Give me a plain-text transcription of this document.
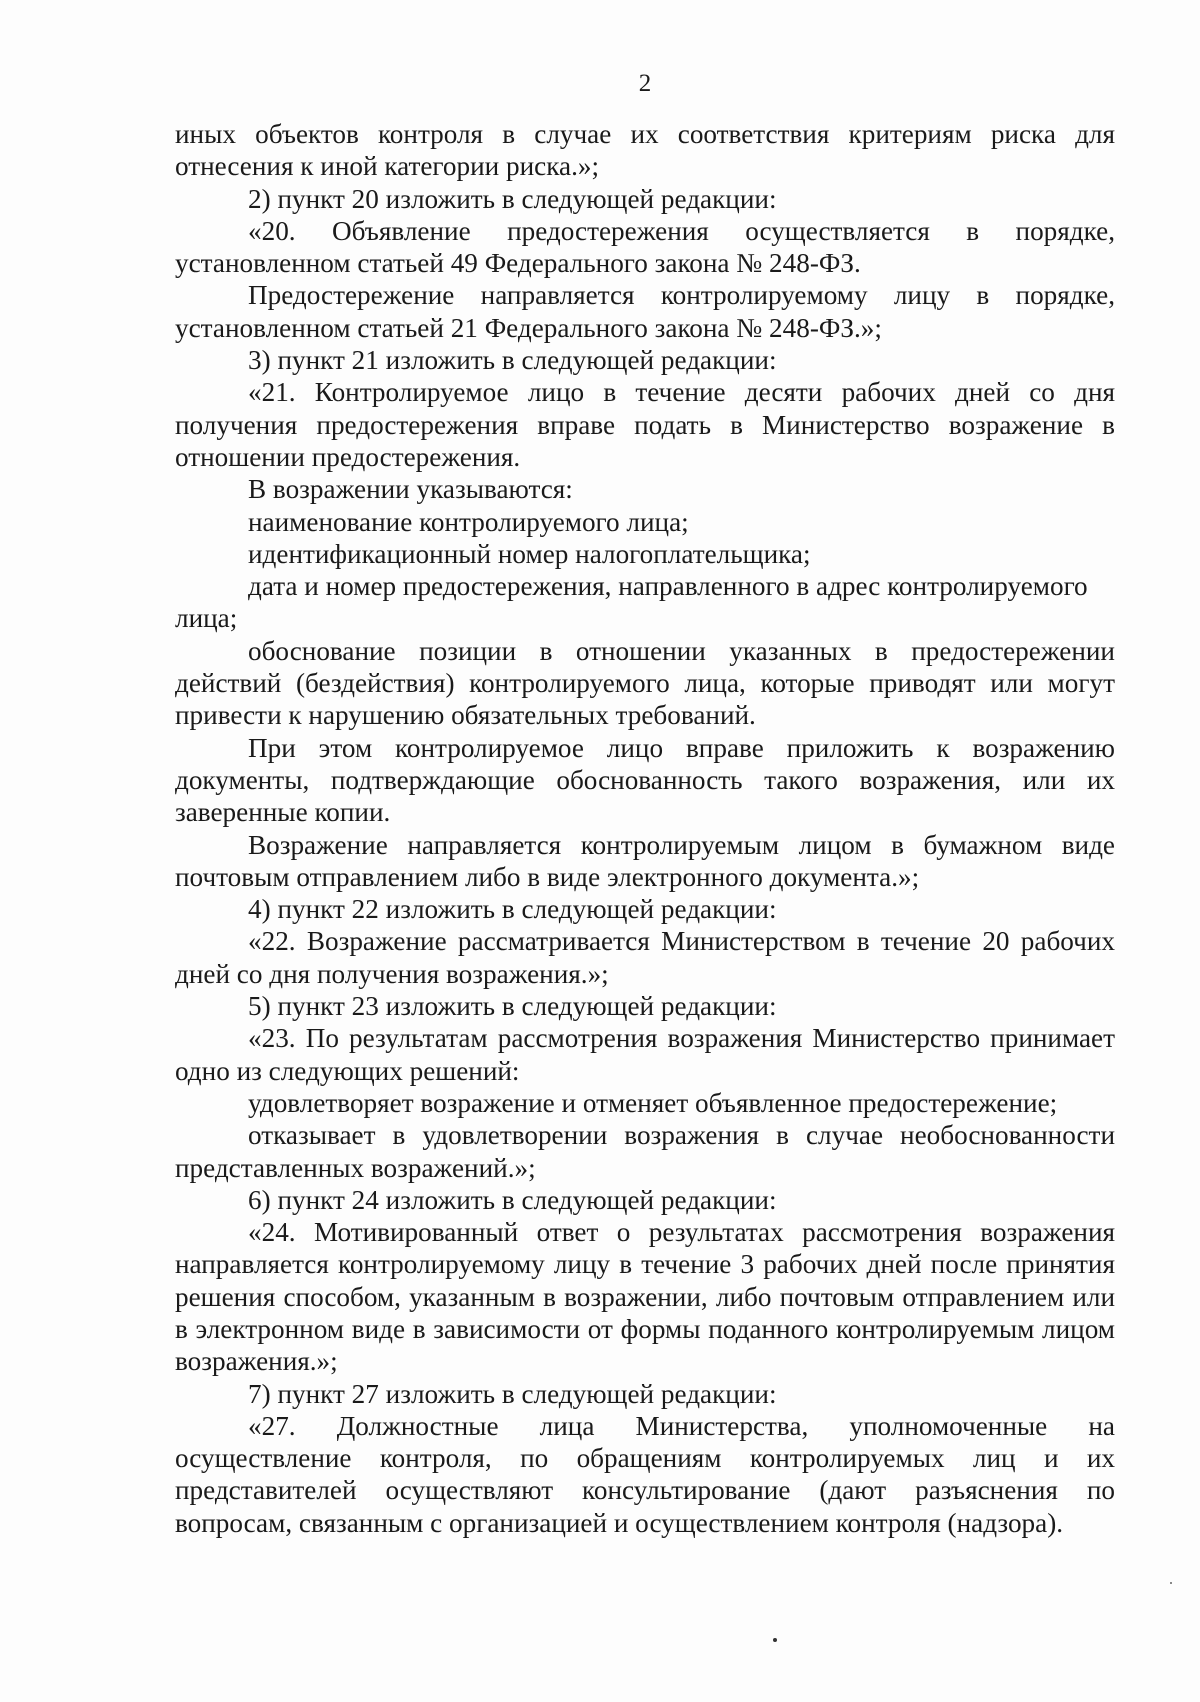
2

иных объектов контроля в случае их соответствия критериям риска для отнесения к иной категории риска.»;

2) пункт 20 изложить в следующей редакции:

«20. Объявление предостережения осуществляется в порядке, установленном статьей 49 Федерального закона № 248-ФЗ.

Предостережение направляется контролируемому лицу в порядке, установленном статьей 21 Федерального закона № 248-ФЗ.»;

3) пункт 21 изложить в следующей редакции:

«21. Контролируемое лицо в течение десяти рабочих дней со дня получения предостережения вправе подать в Министерство возражение в отношении предостережения.

В возражении указываются:

наименование контролируемого лица;

идентификационный номер налогоплательщика;

дата и номер предостережения, направленного в адрес контролируемого лица;

обоснование позиции в отношении указанных в предостережении действий (бездействия) контролируемого лица, которые приводят или могут привести к нарушению обязательных требований.

При этом контролируемое лицо вправе приложить к возражению документы, подтверждающие обоснованность такого возражения, или их заверенные копии.

Возражение направляется контролируемым лицом в бумажном виде почтовым отправлением либо в виде электронного документа.»;

4) пункт 22 изложить в следующей редакции:

«22. Возражение рассматривается Министерством в течение 20 рабочих дней со дня получения возражения.»;

5) пункт 23 изложить в следующей редакции:

«23. По результатам рассмотрения возражения Министерство принимает одно из следующих решений:

удовлетворяет возражение и отменяет объявленное предостережение;

отказывает в удовлетворении возражения в случае необоснованности представленных возражений.»;

6) пункт 24 изложить в следующей редакции:

«24. Мотивированный ответ о результатах рассмотрения возражения направляется контролируемому лицу в течение 3 рабочих дней после принятия решения способом, указанным в возражении, либо почтовым отправлением или в электронном виде в зависимости от формы поданного контролируемым лицом возражения.»;

7) пункт 27 изложить в следующей редакции:

«27. Должностные лица Министерства, уполномоченные на осуществление контроля, по обращениям контролируемых лиц и их представителей осуществляют консультирование (дают разъяснения по вопросам, связанным с организацией и осуществлением контроля (надзора).
